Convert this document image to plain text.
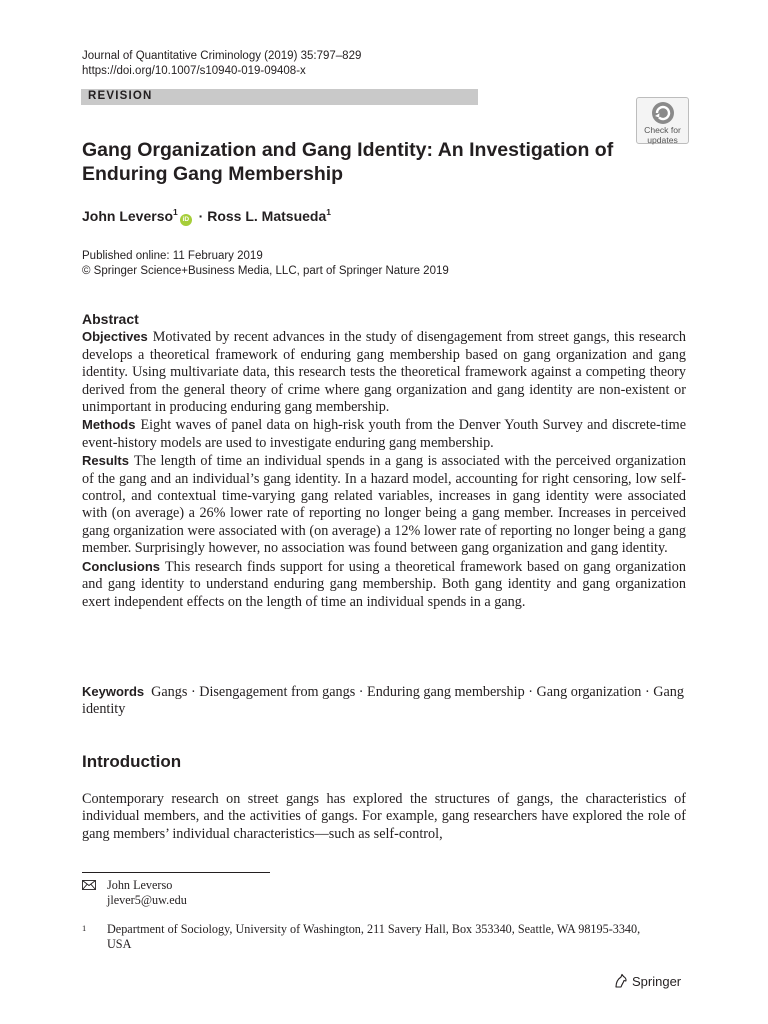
Journal of Quantitative Criminology (2019) 35:797–829
https://doi.org/10.1007/s10940-019-09408-x
REVISION
Check for
updates
Gang Organization and Gang Identity: An Investigation of Enduring Gang Membership
John Leverso$^1$iD · Ross L. Matsueda$^1$
Published online: 11 February 2019
© Springer Science+Business Media, LLC, part of Springer Nature 2019
Abstract

Objectives Motivated by recent advances in the study of disengagement from street gangs, this research develops a theoretical framework of enduring gang membership based on gang organization and gang identity. Using multivariate data, this research tests the theoretical framework against a competing theory derived from the general theory of crime where gang organization and gang identity are non-existent or unimportant in producing enduring gang membership.

Methods Eight waves of panel data on high-risk youth from the Denver Youth Survey and discrete-time event-history models are used to investigate enduring gang membership.

Results The length of time an individual spends in a gang is associated with the perceived organization of the gang and an individual’s gang identity. In a hazard model, accounting for right censoring, low self-control, and contextual time-varying gang related variables, increases in gang identity were associated with (on average) a 26% lower rate of reporting no longer being a gang member. Increases in perceived gang organization were associated with (on average) a 12% lower rate of reporting no longer being a gang member. Surprisingly however, no association was found between gang organization and gang identity.

Conclusions This research finds support for using a theoretical framework based on gang organization and gang identity to understand enduring gang membership. Both gang identity and gang organization exert independent effects on the length of time an individual spends in a gang.

Keywords Gangs · Disengagement from gangs · Enduring gang membership · Gang organization · Gang identity
Introduction

Contemporary research on street gangs has explored the structures of gangs, the characteristics of individual members, and the activities of gangs. For example, gang researchers have explored the role of gang members’ individual characteristics—such as self-control,

John Leverso
jlever5@uw.edu
1 Department of Sociology, University of Washington, 211 Savery Hall, Box 353340, Seattle, WA 98195-3340, USA
Springer
